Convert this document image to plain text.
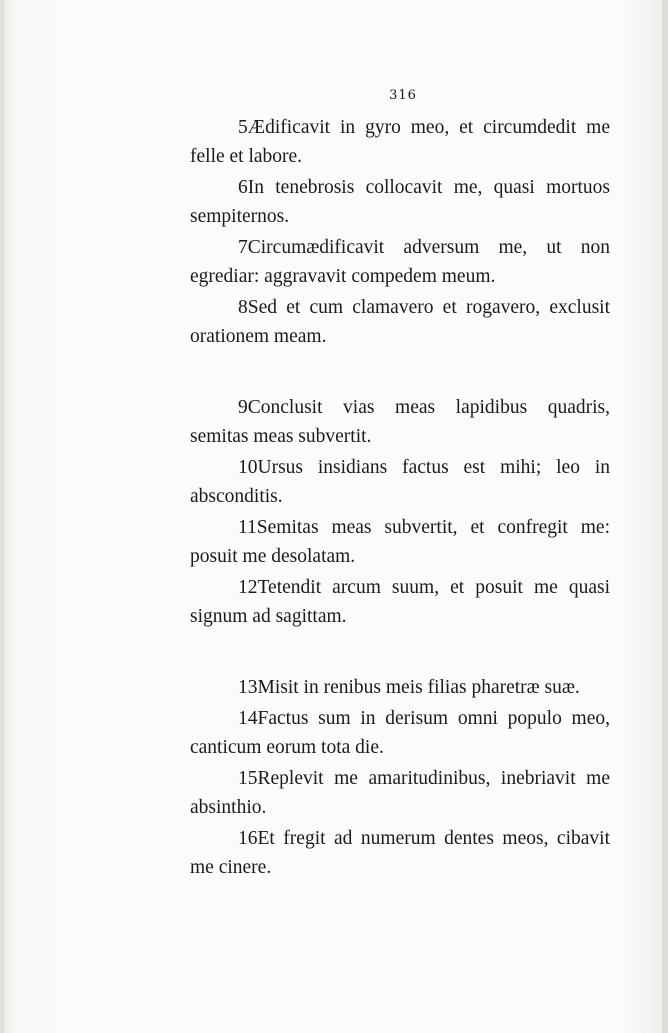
316

5Ædificavit in gyro meo, et circumdedit me felle et labore.

6In tenebrosis collocavit me, quasi mortuos sempiternos.

7Circumædificavit adversum me, ut non egrediar: aggravavit compedem meum.

8Sed et cum clamavero et rogavero, exclusit orationem meam.

9Conclusit vias meas lapidibus quadris, semitas meas subvertit.

10Ursus insidians factus est mihi; leo in absconditis.

11Semitas meas subvertit, et confregit me: posuit me desolatam.

12Tetendit arcum suum, et posuit me quasi signum ad sagittam.

13Misit in renibus meis filias pharetræ suæ.

14Factus sum in derisum omni populo meo, canticum eorum tota die.

15Replevit me amaritudinibus, inebriavit me absinthio.

16Et fregit ad numerum dentes meos, cibavit me cinere.
